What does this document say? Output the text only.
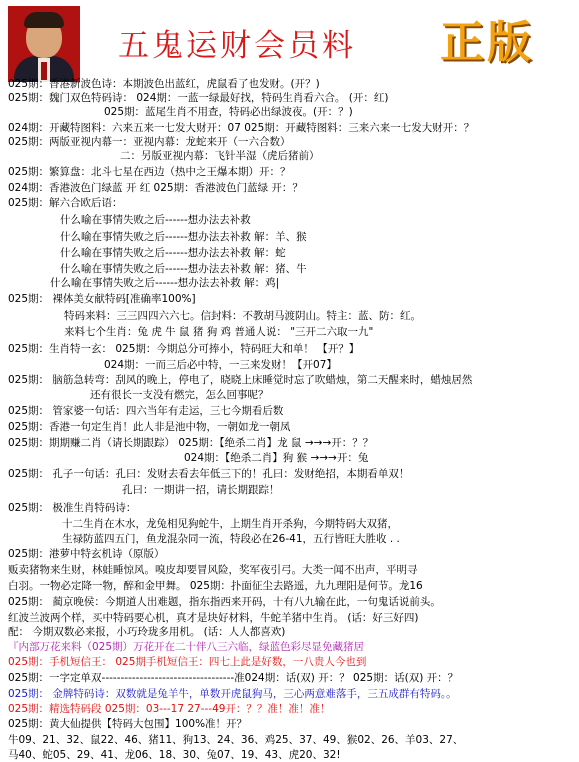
五鬼运财会员料 正版
025期：香港新波色诗：本期波色出蓝红，虎鼠看了也发财。(开？)
025期：魏门双色特码诗： 024期：一蓝一绿最好找，特码生肖看六合。 (开：红)
025期：蓝尾生肖不用查，特码必出绿波夜。(开：？)
024期：开藏特图料：六来五来一七发大财开：07 025期：开藏特图料：三来六来一七发大财开：？
025期：两版亚视内幕一：亚视内幕：龙蛇来开（一六合数）
二：另版亚视内幕：飞针半湿（虎后猪前）
025期：繁算盘：北斗七星在西边（热中之王爆本期）开：？
024期：香港波色门绿蓝 开 红 025期：香港波色门蓝绿 开：？
025期：解六合欧后语：
什么喻在事情失败之后------想办法去补救
什么喻在事情失败之后------想办法去补救 解：羊、猴
什么喻在事情失败之后------想办法去补救 解：蛇
什么喻在事情失败之后------想办法去补救 解：猪、牛
什么喻在事情失败之后------想办法去补救 解：鸡|
025期： 裸体美女献特码[准确率100%]
特码来料：三三四四六六七。信封料：不教胡马渡阴山。特主：蓝、防：红。
来料七个生肖：兔 虎 牛 鼠 猪 狗 鸡 普通人说： "三开二六取一九"
025期：生肖特一玄： 025期：今期总分可捧小，特码旺大和单！ 【开？】
024期：一而三后必中特，一三来发财！【开07】
025期： 脑筋急转弯：刮风的晚上，停电了，晓晓上床睡觉时忘了吹蜡烛，第二天醒来时，蜡烛居然
还有很长一支没有燃完，怎么回事呢？
025期： 管家婆一句话：四六当年有走运，三七今期看后数
025期：香港一句定生肖！此人非是池中物，一朝如龙一朝凤
025期：期期赚二肖（请长期跟踪） 025期：【绝杀二肖】龙 鼠 →→→开：？？
024期：【绝杀二肖】狗 猴 →→→开：兔
025期： 孔子一句话：孔曰：发财去看去年低三下的！孔曰：发财绝招，本期看单双！
孔曰：一期讲一招，请长期跟踪！
025期： 极准生肖特码诗：
十二生肖在木水，龙兔相见狗蛇牛，上期生肖开杀狗，今期特码大双猪，
生禄防蓝四五门，鱼龙混杂同一流，特段必在26-41，五行皆旺大胜收 . .
025期：港萝中特玄机诗（原版）
贩卖猪物来生财，林蛙睡惊风。嗅皮却要冒风险，奖军夜引弓。大类一闻不出声，平明寻
白羽。一物必定降一物，醉和金甲舞。 025期：扑面征尘去路遥，九九理阳是何节。龙16
025期： 蔺京晚侯：今期道人出难题，指东指西来开码，十有八九输在此，一句鬼话说前头。
红波兰波两个样，买中特码要心机，真才是块好材料，牛蛇羊猪中生肖。 (话：好三好四)
配： 今期双数必来报，小巧玲珑多用机。 (话：人人都喜欢)
『内部万花来料（025期）万花开在二十伴八三六临，绿蓝色彩尽显免藏猪居
025期：手机短信王： 025期手机短信王：四七上此是好数，一八贵人今也到
025期：一字定单双-----------------------------------准024期：话(双) 开：？ 025期：话(双) 开：？
025期： 金牌特码诗：双数就是兔羊牛，单数开虎鼠狗马，三心两意难落手，三五成群有特码。。
025期：精选特码段 025期：03---17 27---49开：？？准！准！准！
025期：黄大仙提供【特码大包围】100%准！开？
牛09、21、32、鼠22、46、猪11、狗13、24、36、鸡25、37、49、猴02、26、羊03、27、
马40、蛇05、29、41、龙06、18、30、兔07、19、43、虎20、32!
